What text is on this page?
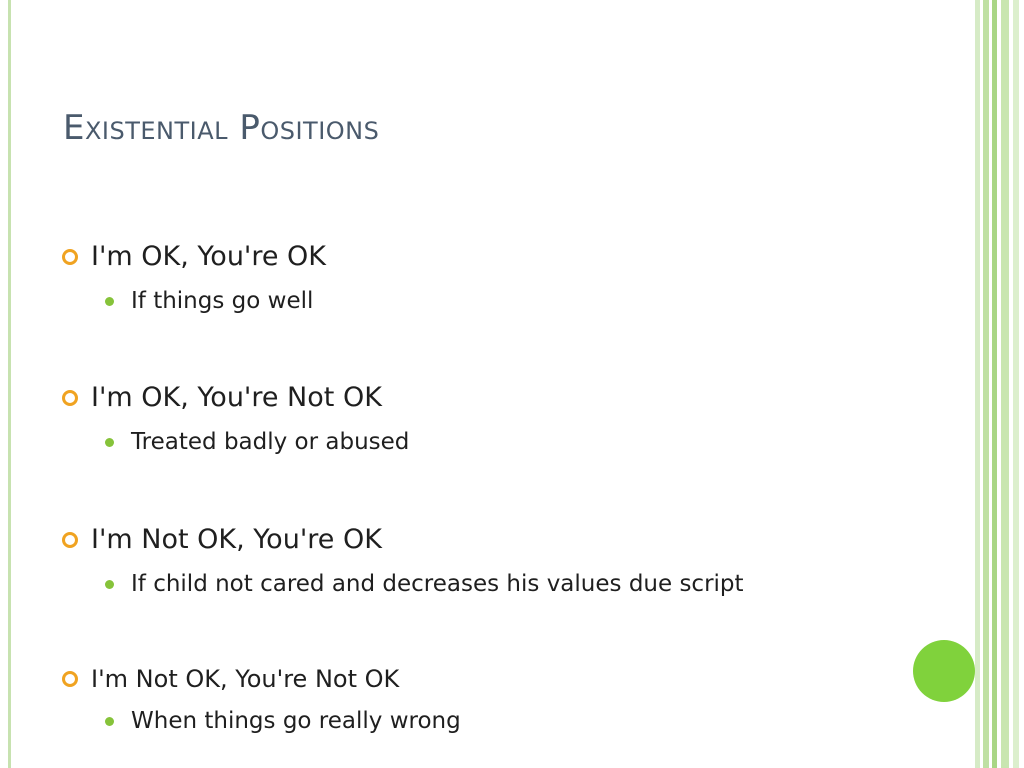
Existential Positions
I'm OK, You're OK
If things go well
I'm OK, You're Not OK
Treated badly or abused
I'm Not OK, You're OK
If child not cared and decreases his values due script
I'm Not OK, You're Not OK
When things go really wrong
